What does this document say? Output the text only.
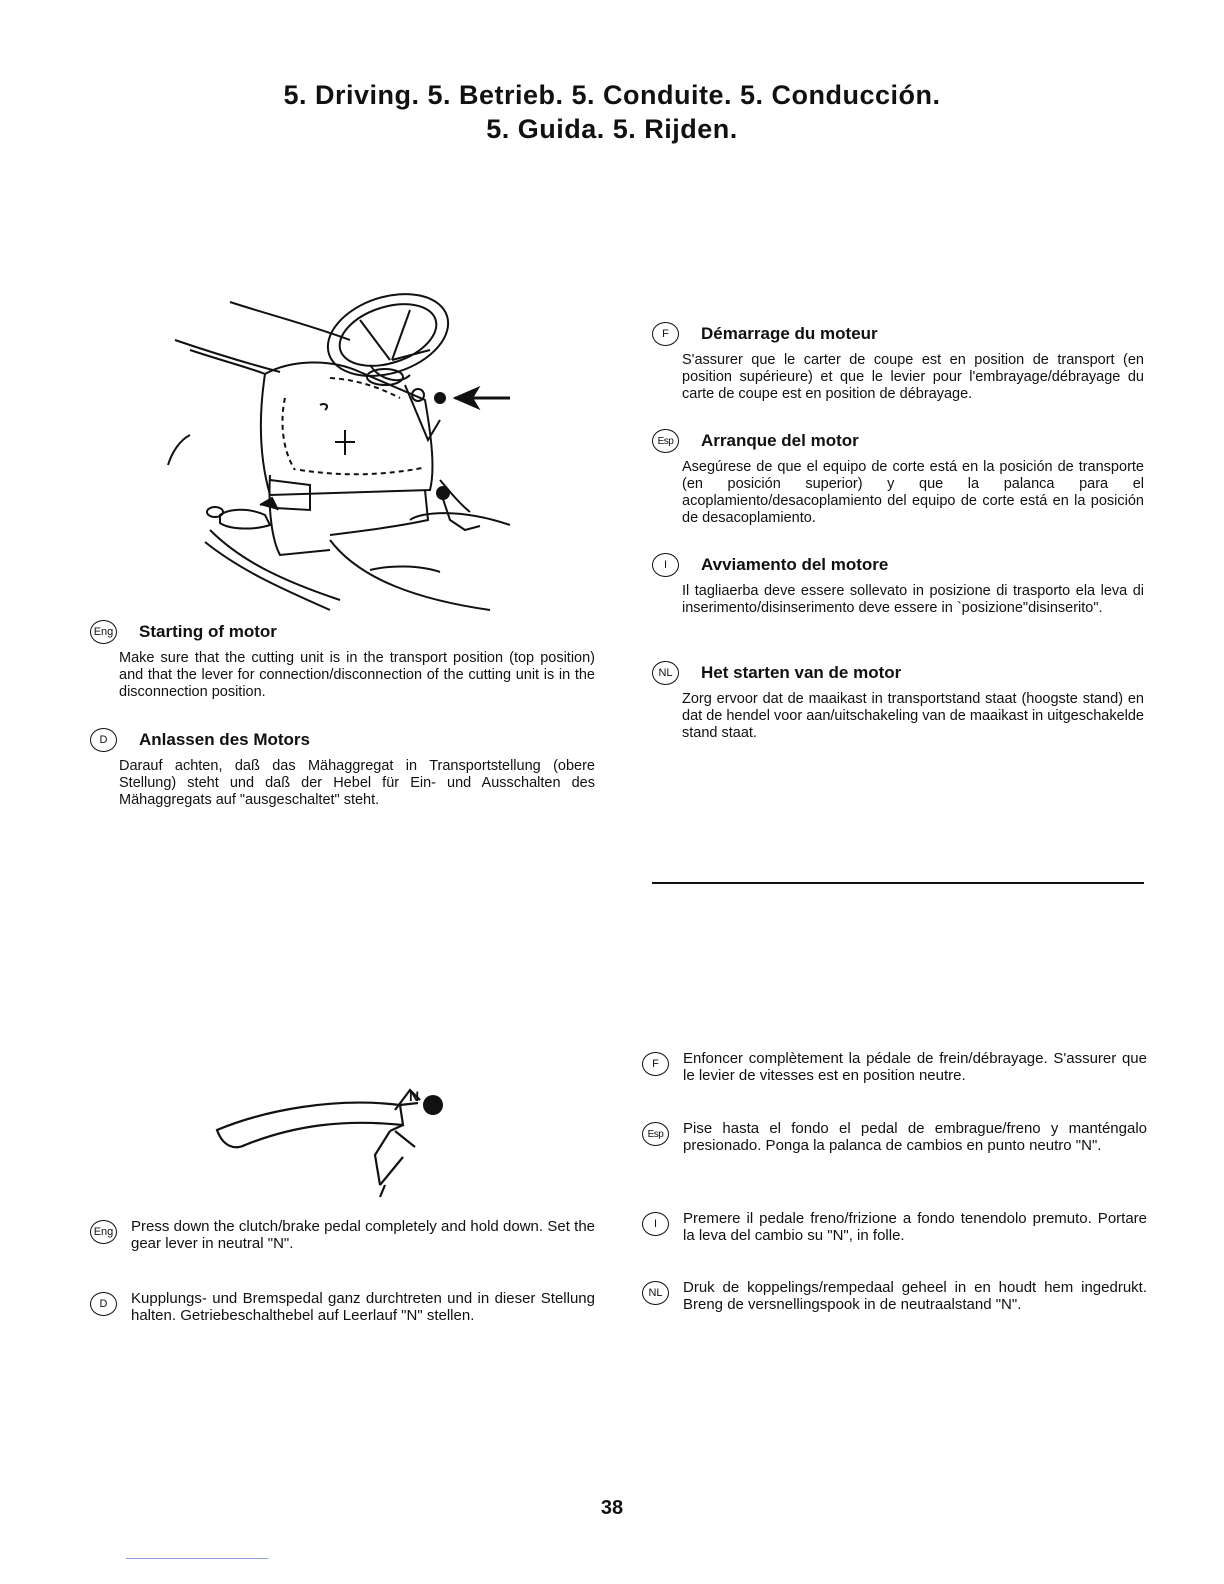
5. Driving. 5. Betrieb. 5. Conduite. 5. Conducción.
5. Guida. 5. Rijden.
Eng Starting of motor
Make sure that the cutting unit is in the transport position (top position) and that the lever for connection/disconnection of the cutting unit is in the disconnection position.
D	Anlassen des Motors
Darauf achten, daß das Mähaggregat in Transportstellung (obere Stellung) steht und daß der Hebel für Ein- und Ausschalten des Mähaggregats auf "ausgeschaltet" steht.
F	Démarrage du moteur
S'assurer que le carter de coupe est en position de transport (en position supérieure) et que le levier pour l'embrayage/débrayage du carte de coupe est en position de débrayage.
Esp	Arranque del motor
Asegúrese de que el equipo de corte está en la posición de transporte (en posición superior) y que la palanca para el acoplamiento/desacoplamiento del equipo de corte está en la posición de desacoplamiento.
I	Avviamento del motore
Il tagliaerba deve essere sollevato in posizione di trasporto ela leva di inserimento/disinserimento deve essere in `posizione"disinserito".
NL	Het starten van de motor
Zorg ervoor dat de maaikast in transportstand staat (hoogste stand) en dat de hendel voor aan/uitschakeling van de maaikast in uitgeschakelde stand staat.
N
Eng Press down the clutch/brake pedal completely and hold down. Set the gear lever in neutral "N".
D	Kupplungs- und Bremspedal ganz durchtreten und in dieser Stellung halten. Getriebeschalthebel auf Leerlauf "N" stellen.
F	Enfoncer complètement la pédale de frein/débrayage. S'assurer que le levier de vitesses est en position neutre.
Esp	Pise hasta el fondo el pedal de embrague/freno y manténgalo presionado. Ponga la palanca de cambios en punto neutro "N".
I	Premere il pedale freno/frizione a fondo tenendolo premuto. Portare la leva del cambio su "N", in folle.
NL	Druk de koppelings/rempedaal geheel in en houdt hem ingedrukt. Breng de versnellingspook in de neutraalstand "N".
38
